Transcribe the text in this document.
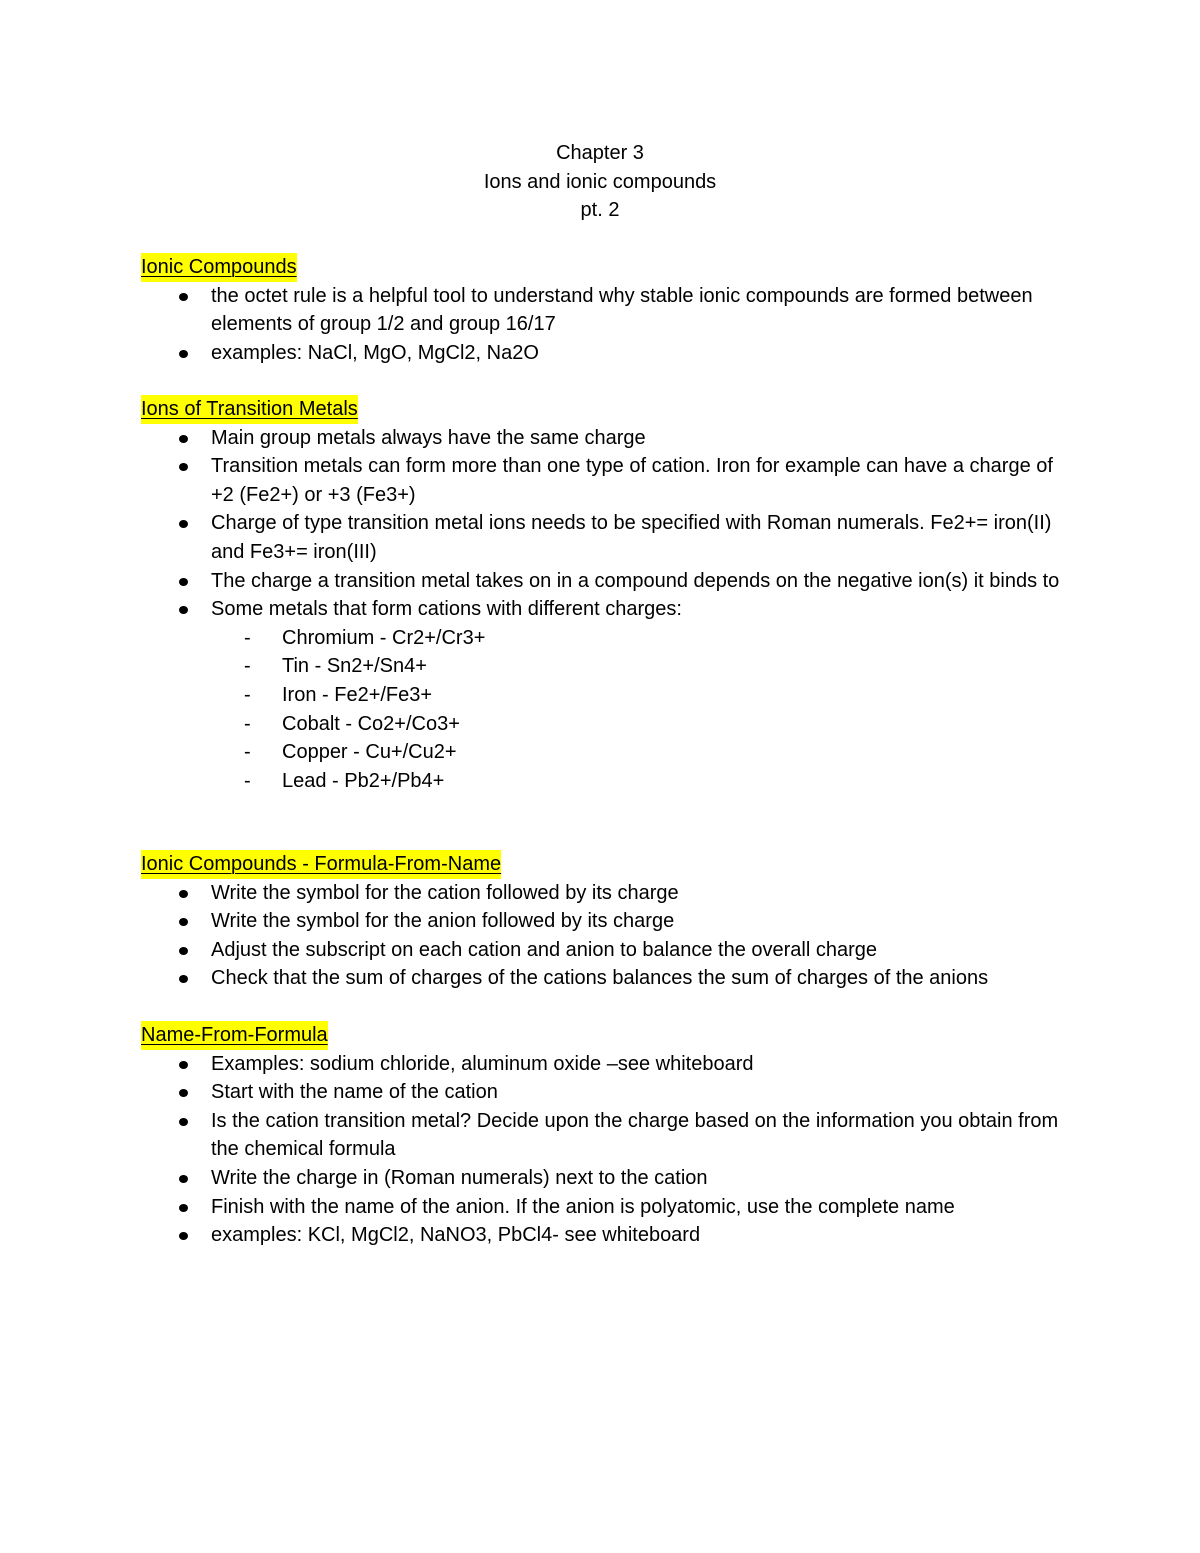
Chapter 3
Ions and ionic compounds
pt. 2
Ionic Compounds
the octet rule is a helpful tool to understand why stable ionic compounds are formed between elements of group 1/2 and group 16/17
examples: NaCl, MgO, MgCl2, Na2O
Ions of Transition Metals
Main group metals always have the same charge
Transition metals can form more than one type of cation. Iron for example can have a charge of +2 (Fe2+) or +3 (Fe3+)
Charge of type transition metal ions needs to be specified with Roman numerals. Fe2+= iron(II) and Fe3+= iron(III)
The charge a transition metal takes on in a compound depends on the negative ion(s) it binds to
Some metals that form cations with different charges:
- Chromium - Cr2+/Cr3+
- Tin - Sn2+/Sn4+
- Iron - Fe2+/Fe3+
- Cobalt - Co2+/Co3+
- Copper - Cu+/Cu2+
- Lead - Pb2+/Pb4+
Ionic Compounds - Formula-From-Name
Write the symbol for the cation followed by its charge
Write the symbol for the anion followed by its charge
Adjust the subscript on each cation and anion to balance the overall charge
Check that the sum of charges of the cations balances the sum of charges of the anions
Name-From-Formula
Examples: sodium chloride, aluminum oxide –see whiteboard
Start with the name of the cation
Is the cation transition metal? Decide upon the charge based on the information you obtain from the chemical formula
Write the charge in (Roman numerals) next to the cation
Finish with the name of the anion. If the anion is polyatomic, use the complete name
examples: KCl, MgCl2, NaNO3, PbCl4- see whiteboard
